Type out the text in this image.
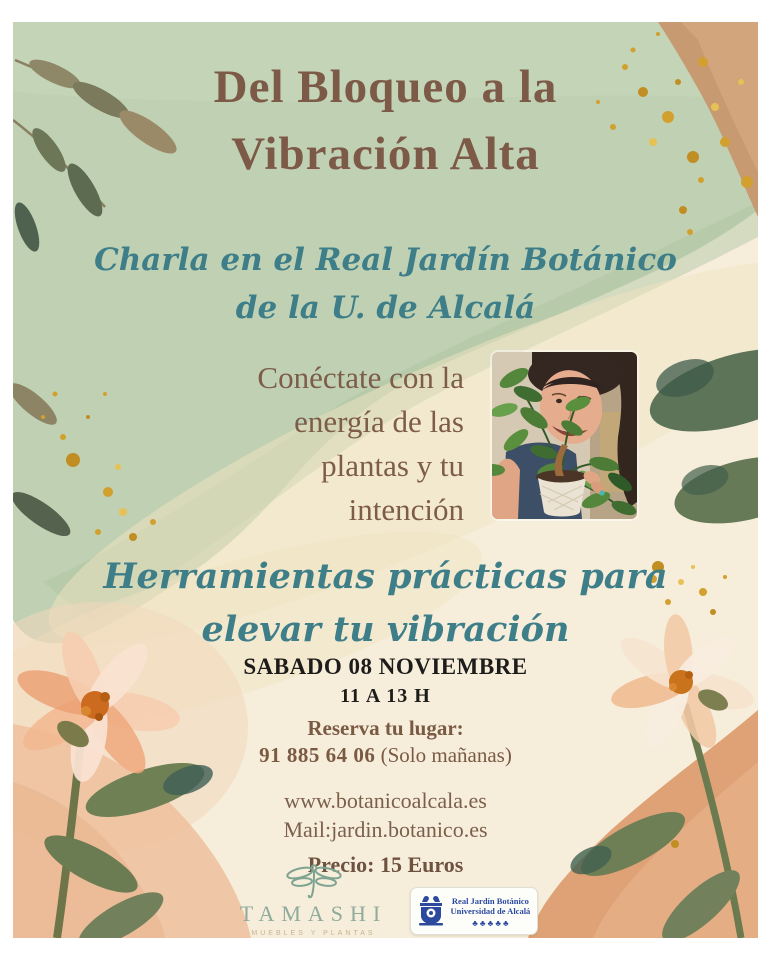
Del Bloqueo a la
Vibración Alta
Charla en el Real Jardín Botánico
de la U. de Alcalá
Conéctate con la
energía de las
plantas y tu
intención
Herramientas prácticas para
elevar tu vibración
SABADO 08 NOVIEMBRE
11 A 13 H
Reserva tu lugar:
91 885 64 06 (Solo mañanas)
www.botanicoalcala.es
Mail:jardin.botanico.es
Precio: 15 Euros
TAMASHI
MUEBLES Y PLANTAS
Real Jardín Botánico
Universidad de Alcalá
♣ ♣ ♣ ♣ ♣
